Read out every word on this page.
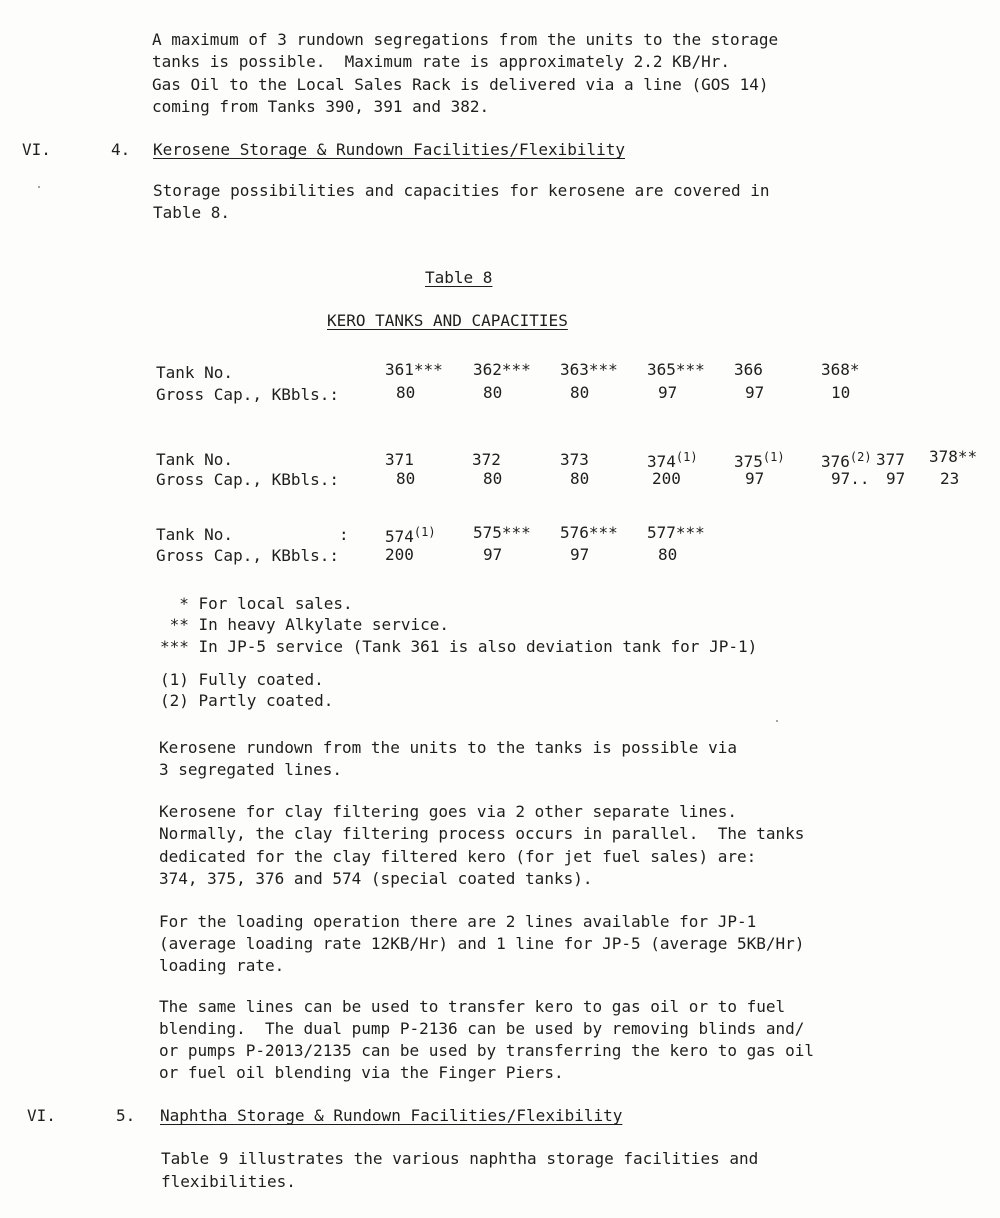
A maximum of 3 rundown segregations from the units to the storage
tanks is possible.  Maximum rate is approximately 2.2 KB/Hr.
Gas Oil to the Local Sales Rack is delivered via a line (GOS 14)
coming from Tanks 390, 391 and 382.
VI.	4. Kerosene Storage & Rundown Facilities/Flexibility
Storage possibilities and capacities for kerosene are covered in
Table 8.
Table 8
KERO TANKS AND CAPACITIES
Tank No.	361*** 362*** 363*** 365*** 366	368*
Gross Cap., KBbls.:	80	80	80	97	97	10
Tank No.	371	372	373	374$^{(1)}$ 375$^{(1)}$ 376$^{(2)}$ 377 378**
Gross Cap., KBbls.:	80	80	80	200	97	97.. 97 23
Tank No.           : 574$^{(1)}$ 575*** 576*** 577***
Gross Cap., KBbls.:	200	97	97	80
* For local sales.
** In heavy Alkylate service.
*** In JP-5 service (Tank 361 is also deviation tank for JP-1)
(1) Fully coated.
(2) Partly coated.
Kerosene rundown from the units to the tanks is possible via
3 segregated lines.
Kerosene for clay filtering goes via 2 other separate lines.
Normally, the clay filtering process occurs in parallel.  The tanks
dedicated for the clay filtered kero (for jet fuel sales) are:
374, 375, 376 and 574 (special coated tanks).
For the loading operation there are 2 lines available for JP-1
(average loading rate 12KB/Hr) and 1 line for JP-5 (average 5KB/Hr)
loading rate.
The same lines can be used to transfer kero to gas oil or to fuel
blending.  The dual pump P-2136 can be used by removing blinds and/
or pumps P-2013/2135 can be used by transferring the kero to gas oil
or fuel oil blending via the Finger Piers.
VI.	5. Naphtha Storage & Rundown Facilities/Flexibility
Table 9 illustrates the various naphtha storage facilities and
flexibilities.
